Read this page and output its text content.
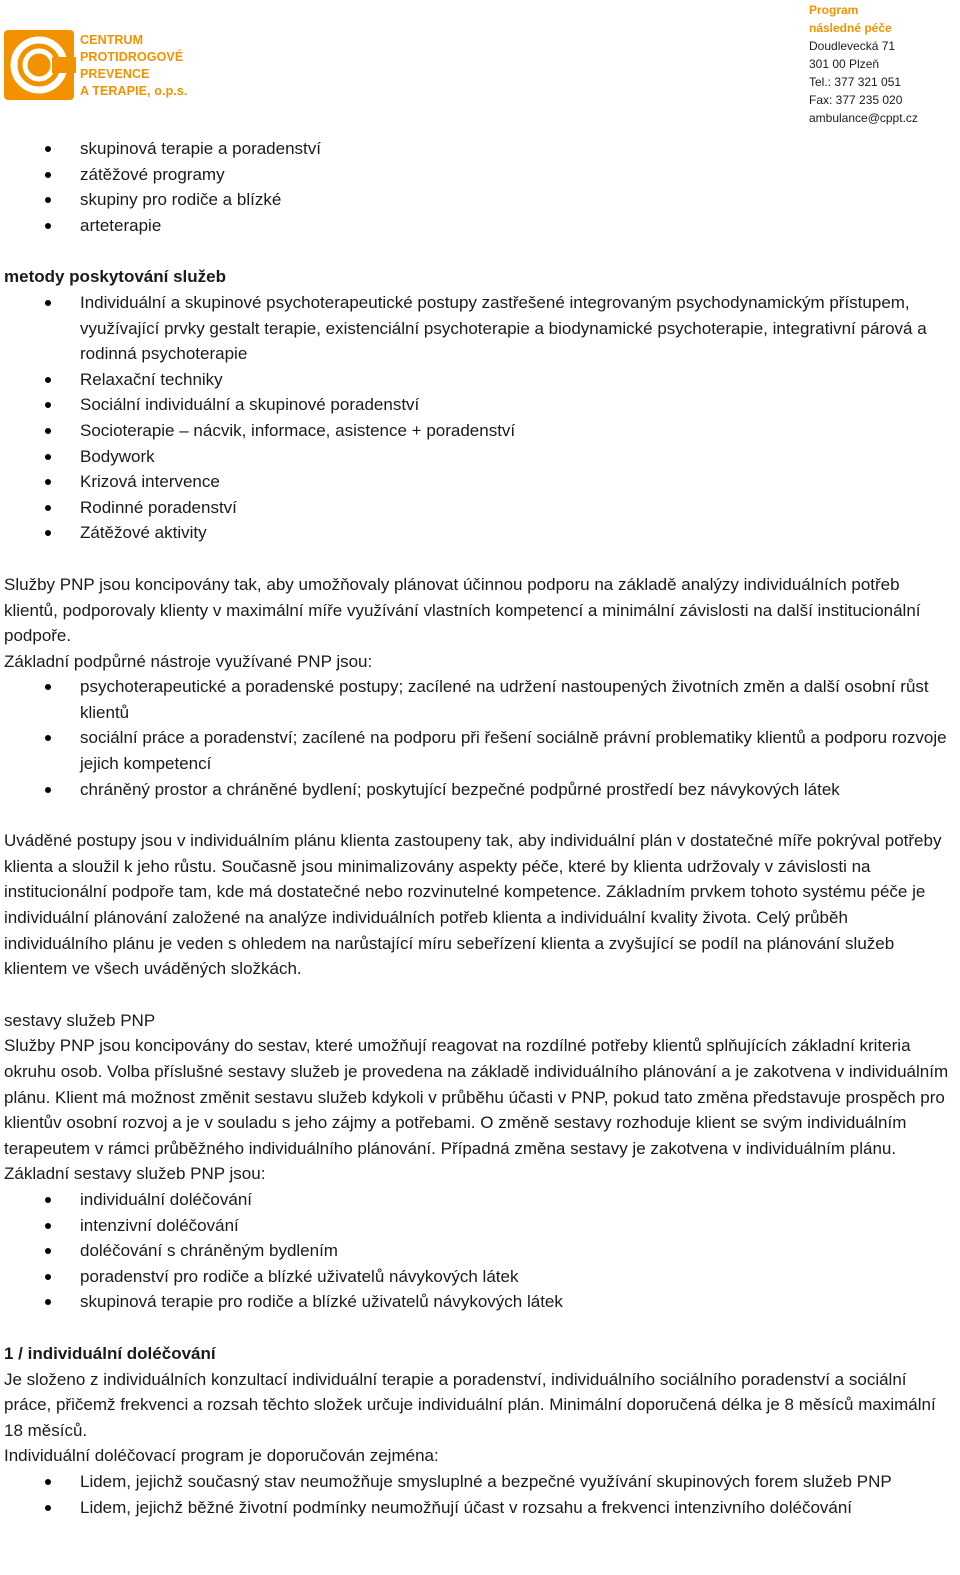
CENTRUM
PROTIDROGOVÉ
PREVENCE
A TERAPIE, o.p.s.
Program
následné péče
Doudlevecká 71
301 00 Plzeň
Tel.: 377 321 051
Fax: 377 235 020
ambulance@cppt.cz
skupinová terapie a poradenství
zátěžové programy
skupiny pro rodiče a blízké
arteterapie

metody poskytování služeb

Individuální a skupinové psychoterapeutické postupy zastřešené integrovaným psychodynamickým přístupem, využívající prvky gestalt terapie, existenciální psychoterapie a biodynamické psychoterapie, integrativní párová a rodinná psychoterapie
Relaxační techniky
Sociální individuální a skupinové poradenství
Socioterapie – nácvik, informace, asistence + poradenství
Bodywork
Krizová intervence
Rodinné poradenství
Zátěžové aktivity

Služby PNP jsou koncipovány tak, aby umožňovaly plánovat účinnou podporu na základě analýzy individuálních potřeb klientů, podporovaly klienty v maximální míře využívání vlastních kompetencí a minimální závislosti na další institucionální podpoře.

Základní podpůrné nástroje využívané PNP jsou:

psychoterapeutické a poradenské postupy; zacílené na udržení nastoupených životních změn a další osobní růst klientů
sociální práce a poradenství; zacílené na podporu při řešení sociálně právní problematiky klientů a podporu rozvoje jejich kompetencí
chráněný prostor a chráněné bydlení; poskytující bezpečné podpůrné prostředí bez návykových látek

Uváděné postupy jsou v individuálním plánu klienta zastoupeny tak, aby individuální plán v dostatečné míře pokrýval potřeby klienta a sloužil k jeho růstu. Současně jsou minimalizovány aspekty péče, které by klienta udržovaly v závislosti na institucionální podpoře tam, kde má dostatečné nebo rozvinutelné kompetence. Základním prvkem tohoto systému péče je individuální plánování založené na analýze individuálních potřeb klienta a individuální kvality života. Celý průběh individuálního plánu je veden s ohledem na narůstající míru sebeřízení klienta a zvyšující se podíl na plánování služeb klientem ve všech uváděných složkách.

sestavy služeb PNP

Služby PNP jsou koncipovány do sestav, které umožňují reagovat na rozdílné potřeby klientů splňujících základní kriteria okruhu osob. Volba příslušné sestavy služeb je provedena na základě individuálního plánování a je zakotvena v individuálním plánu. Klient má možnost změnit sestavu služeb kdykoli v průběhu účasti v PNP, pokud tato změna představuje prospěch pro klientův osobní rozvoj a je v souladu s jeho zájmy a potřebami. O změně sestavy rozhoduje klient se svým individuálním terapeutem v rámci průběžného individuálního plánování. Případná změna sestavy je zakotvena v individuálním plánu. Základní sestavy služeb PNP jsou:

individuální doléčování
intenzivní doléčování
doléčování s chráněným bydlením
poradenství pro rodiče a blízké uživatelů návykových látek
skupinová terapie pro rodiče a blízké uživatelů návykových látek

1 / individuální doléčování

Je složeno z individuálních konzultací individuální terapie a poradenství, individuálního sociálního poradenství a sociální práce, přičemž frekvenci a rozsah těchto složek určuje individuální plán. Minimální doporučená délka je 8 měsíců maximální 18 měsíců.

Individuální doléčovací program je doporučován zejména:

Lidem, jejichž současný stav neumožňuje smysluplné a bezpečné využívání skupinových forem služeb PNP
Lidem, jejichž běžné životní podmínky neumožňují účast v rozsahu a frekvenci intenzivního doléčování
